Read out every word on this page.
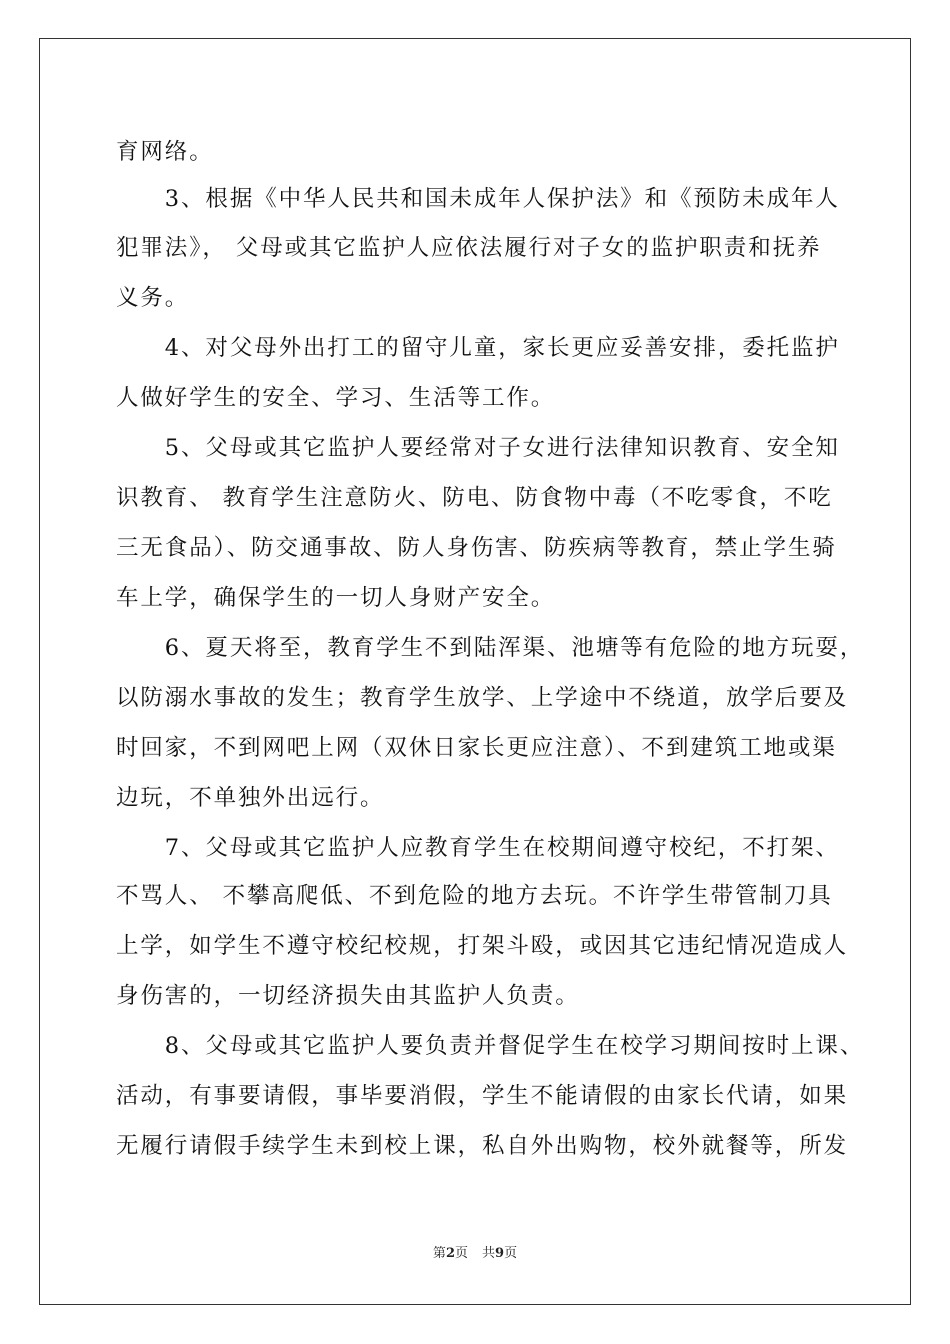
育网络。
　　3、根据《中华人民共和国未成年人保护法》和《预防未成年人
犯罪法》， 父母或其它监护人应依法履行对子女的监护职责和抚养
义务。
　　4、对父母外出打工的留守儿童，家长更应妥善安排，委托监护
人做好学生的安全、学习、生活等工作。
　　5、父母或其它监护人要经常对子女进行法律知识教育、安全知
识教育、 教育学生注意防火、防电、防食物中毒（不吃零食，不吃
三无食品）、防交通事故、防人身伤害、防疾病等教育，禁止学生骑
车上学，确保学生的一切人身财产安全。
　　6、夏天将至，教育学生不到陆浑渠、池塘等有危险的地方玩耍，
以防溺水事故的发生；教育学生放学、上学途中不绕道，放学后要及
时回家，不到网吧上网（双休日家长更应注意）、不到建筑工地或渠
边玩，不单独外出远行。
　　7、父母或其它监护人应教育学生在校期间遵守校纪，不打架、
不骂人、 不攀高爬低、不到危险的地方去玩。不许学生带管制刀具
上学，如学生不遵守校纪校规，打架斗殴，或因其它违纪情况造成人
身伤害的，一切经济损失由其监护人负责。
　　8、父母或其它监护人要负责并督促学生在校学习期间按时上课、
活动，有事要请假，事毕要消假，学生不能请假的由家长代请，如果
无履行请假手续学生未到校上课，私自外出购物，校外就餐等，所发
第2页 共9页
